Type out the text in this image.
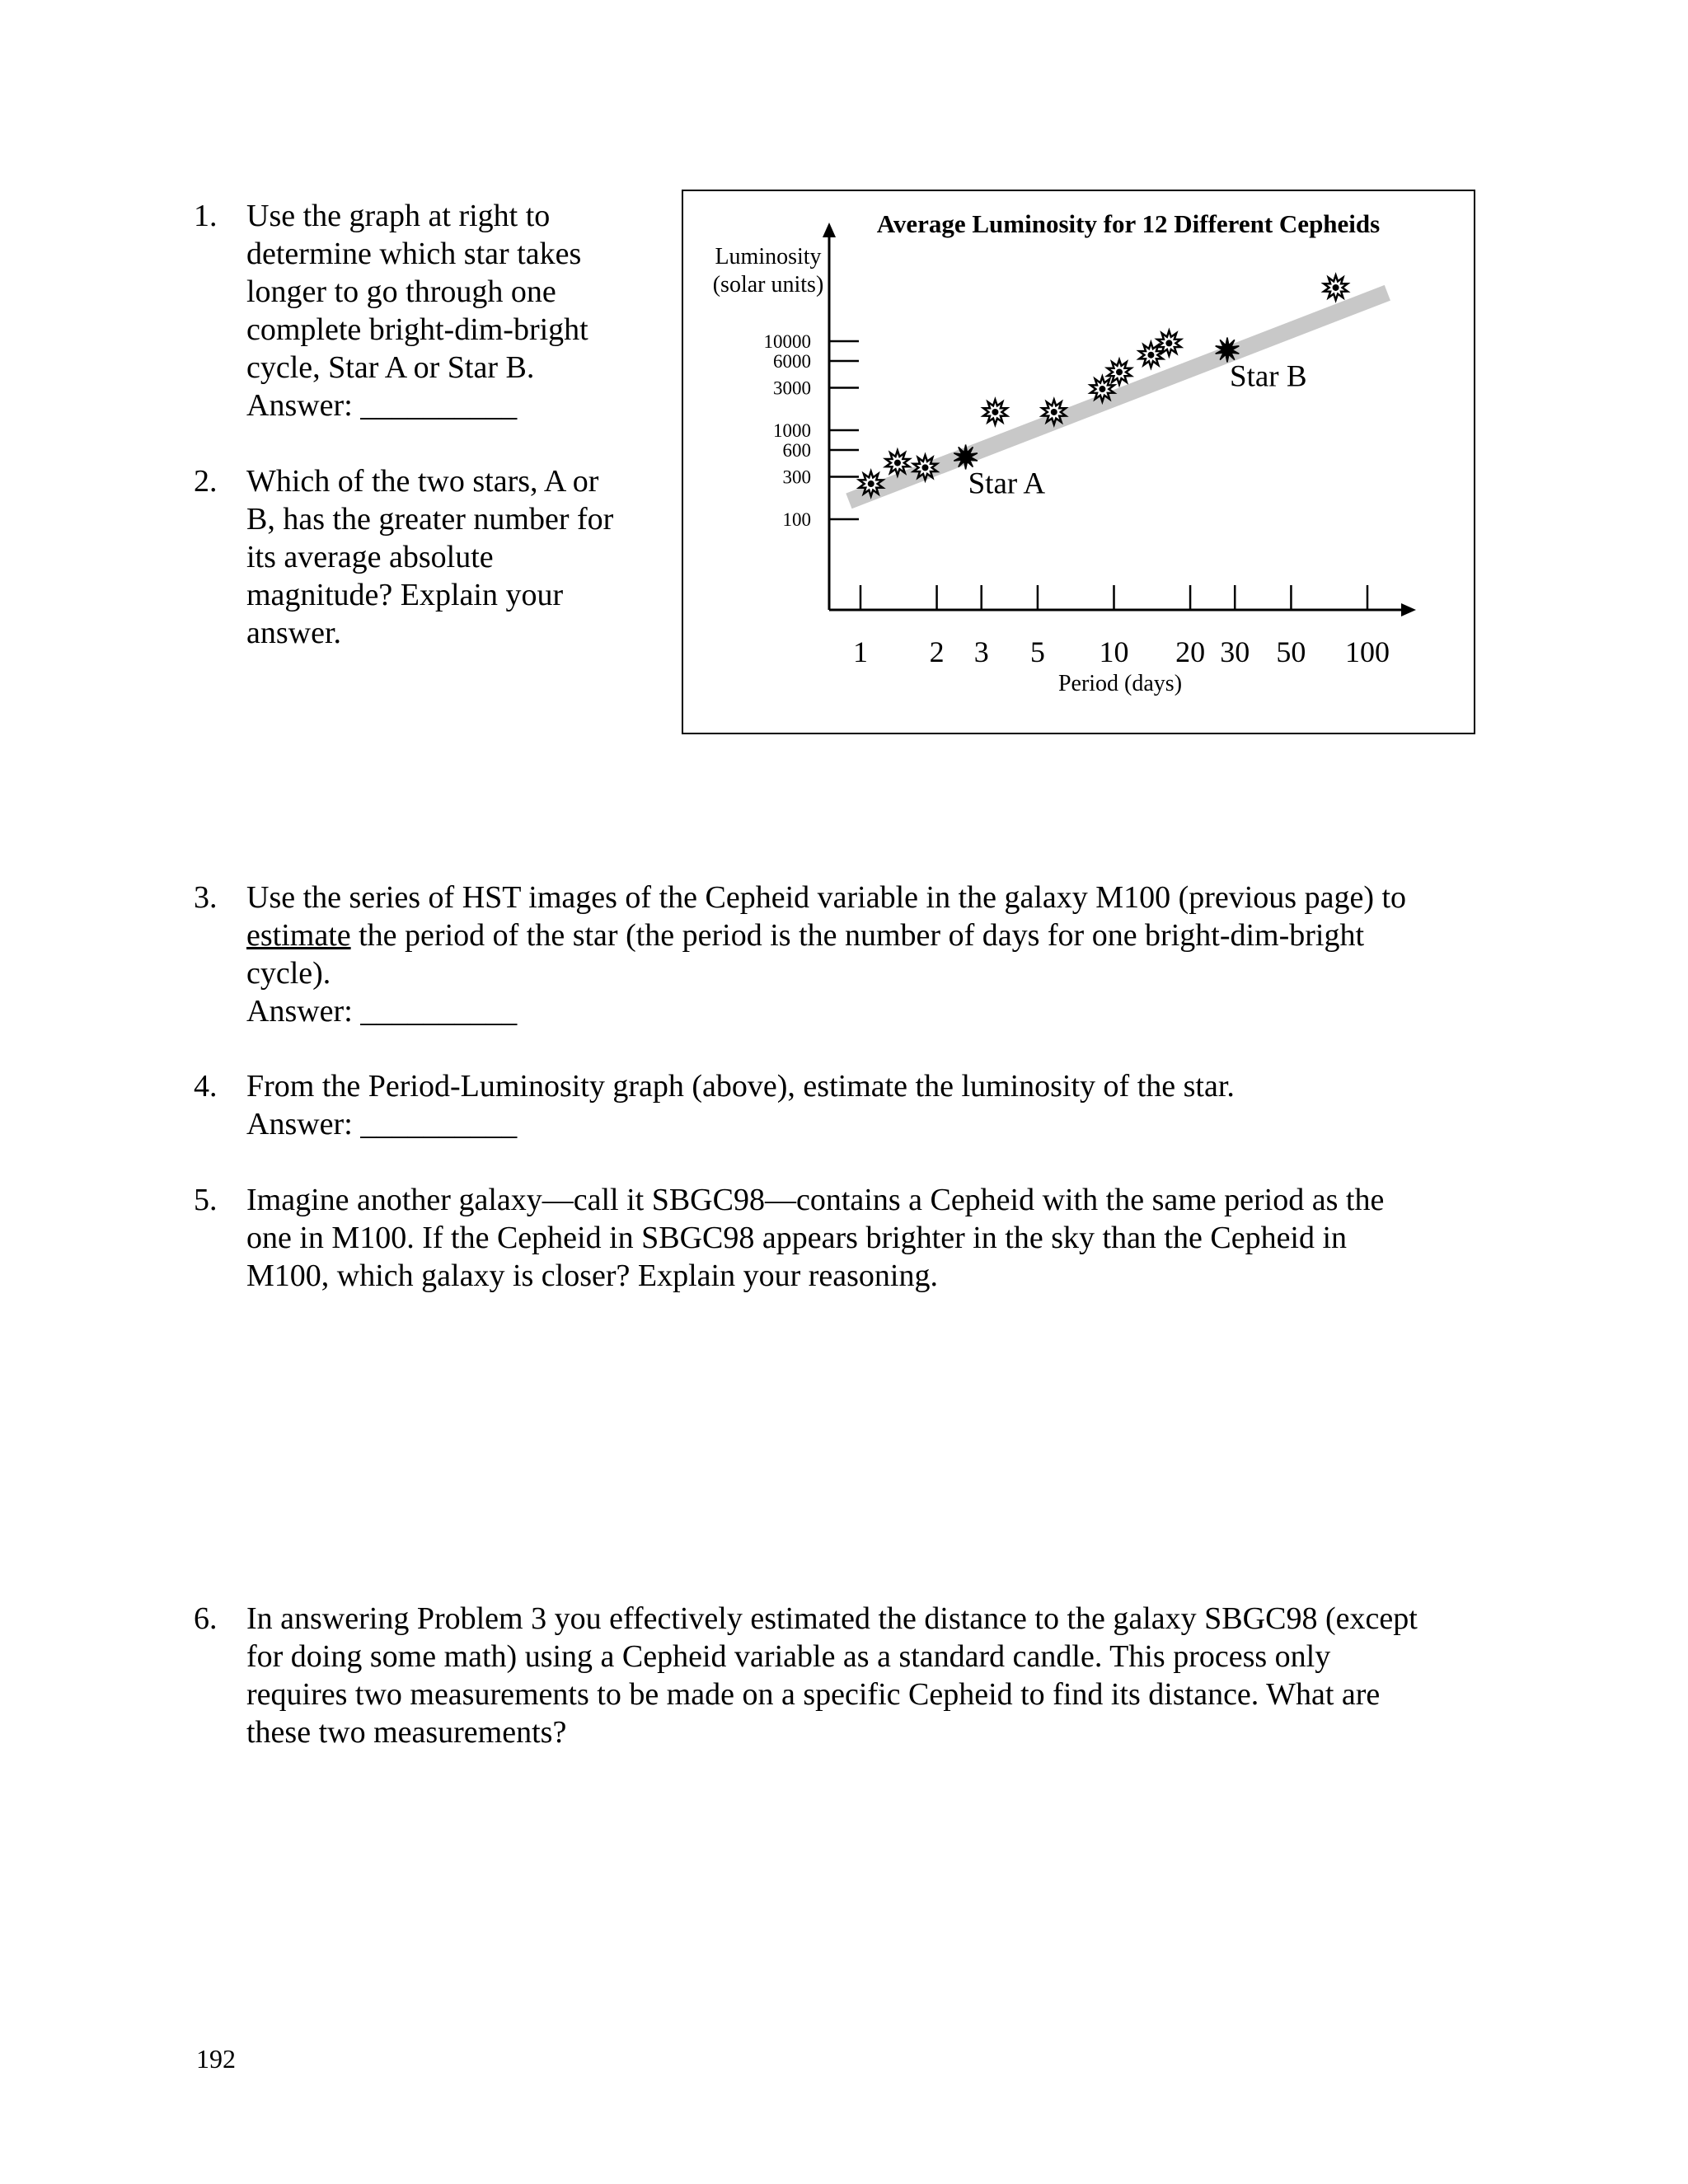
1. Use the graph at right to
determine which star takes
longer to go through one
complete bright-dim-bright
cycle, Star A or Star B.
Answer: __________
2. Which of the two stars, A or
B, has the greater number for
its average absolute
magnitude? Explain your
answer.
Average Luminosity for 12 Different Cepheids
Luminosity
(solar units)
Period (days)
1 2 3 5 10 20 30 50 100
100
300
600
1000
3000
6000
10000
Star A
Star B
3. Use the series of HST images of the Cepheid variable in the galaxy M100 (previous page) to
estimate the period of the star (the period is the number of days for one bright-dim-bright
cycle).
Answer: __________
4. From the Period-Luminosity graph (above), estimate the luminosity of the star.
Answer: __________
5. Imagine another galaxy—call it SBGC98—contains a Cepheid with the same period as the
one in M100. If the Cepheid in SBGC98 appears brighter in the sky than the Cepheid in
M100, which galaxy is closer? Explain your reasoning.
6. In answering Problem 3 you effectively estimated the distance to the galaxy SBGC98 (except
for doing some math) using a Cepheid variable as a standard candle. This process only
requires two measurements to be made on a specific Cepheid to find its distance. What are
these two measurements?
192
